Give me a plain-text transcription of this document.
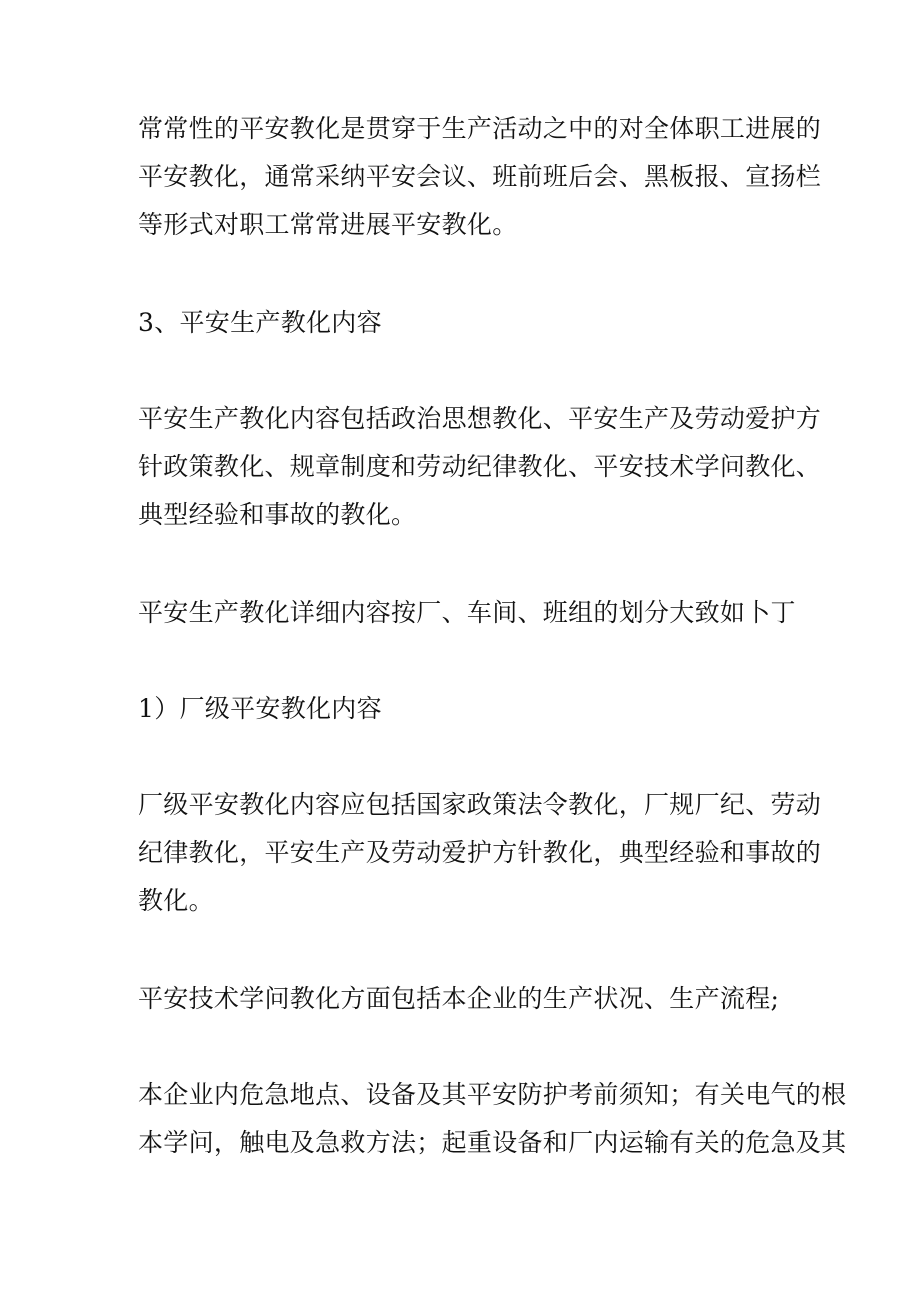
常常性的平安教化是贯穿于生产活动之中的对全体职工进展的
平安教化，通常采纳平安会议、班前班后会、黑板报、宣扬栏
等形式对职工常常进展平安教化。
3、平安生产教化内容
平安生产教化内容包括政治思想教化、平安生产及劳动爱护方
针政策教化、规章制度和劳动纪律教化、平安技术学问教化、
典型经验和事故的教化。
平安生产教化详细内容按厂、车间、班组的划分大致如卜丁
1）厂级平安教化内容
厂级平安教化内容应包括国家政策法令教化，厂规厂纪、劳动
纪律教化，平安生产及劳动爱护方针教化，典型经验和事故的
教化。
平安技术学问教化方面包括本企业的生产状况、生产流程;
本企业内危急地点、设备及其平安防护考前须知；有关电气的根
本学问，触电及急救方法；起重设备和厂内运输有关的危急及其
